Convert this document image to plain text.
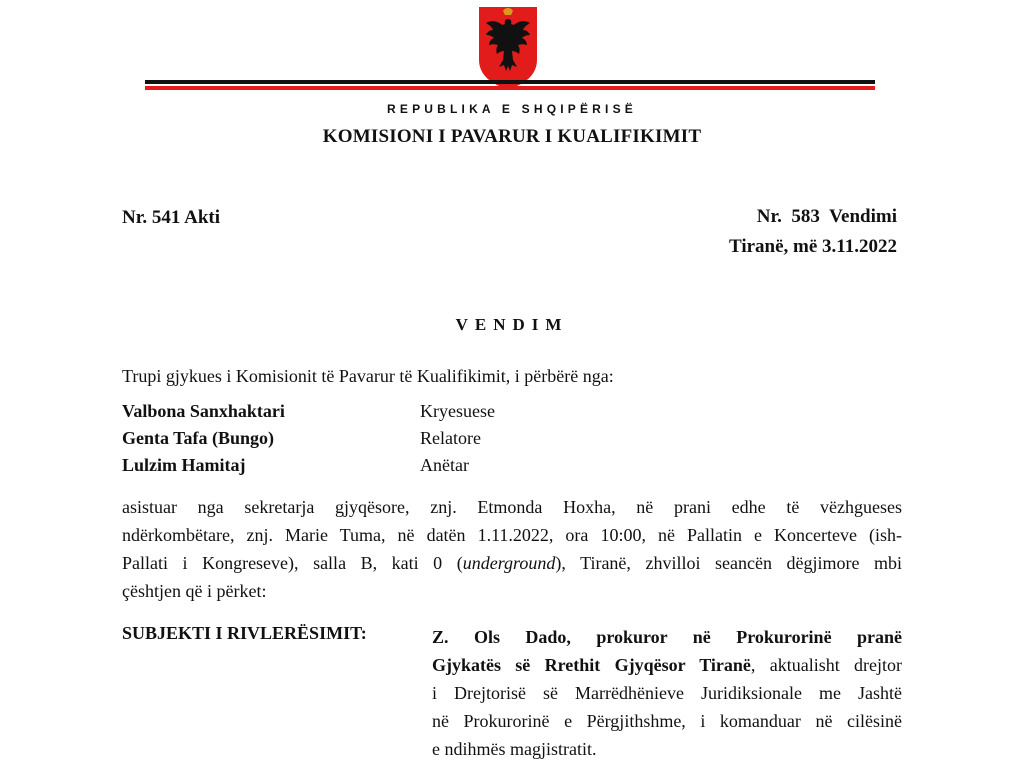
REPUBLIKA E SHQIPËRISË
KOMISIONI I PAVARUR I KUALIFIKIMIT
Nr. 541 Akti	Nr.  583  Vendimi
Tiranë, më 3.11.2022
VENDIM
Trupi gjykues i Komisionit të Pavarur të Kualifikimit, i përbërë nga:
Valbona Sanxhaktari	Kryesuese
Genta Tafa (Bungo)	Relatore
Lulzim Hamitaj	Anëtar
asistuar nga sekretarja gjyqësore, znj. Etmonda Hoxha, në prani edhe të vëzhgueses
ndërkombëtare, znj. Marie Tuma, në datën 1.11.2022, ora 10:00, në Pallatin e Koncerteve (ish-
Pallati i Kongreseve), salla B, kati 0 (underground), Tiranë, zhvilloi seancën dëgjimore mbi
çështjen që i përket:
SUBJEKTI I RIVLERËSIMIT:	Z. Ols Dado, prokuror në Prokurorinë pranë
Gjykatës së Rrethit Gjyqësor Tiranë, aktualisht drejtor
i Drejtorisë së Marrëdhënieve Juridiksionale me Jashtë
në Prokurorinë e Përgjithshme, i komanduar në cilësinë
e ndihmës magjistratit.
